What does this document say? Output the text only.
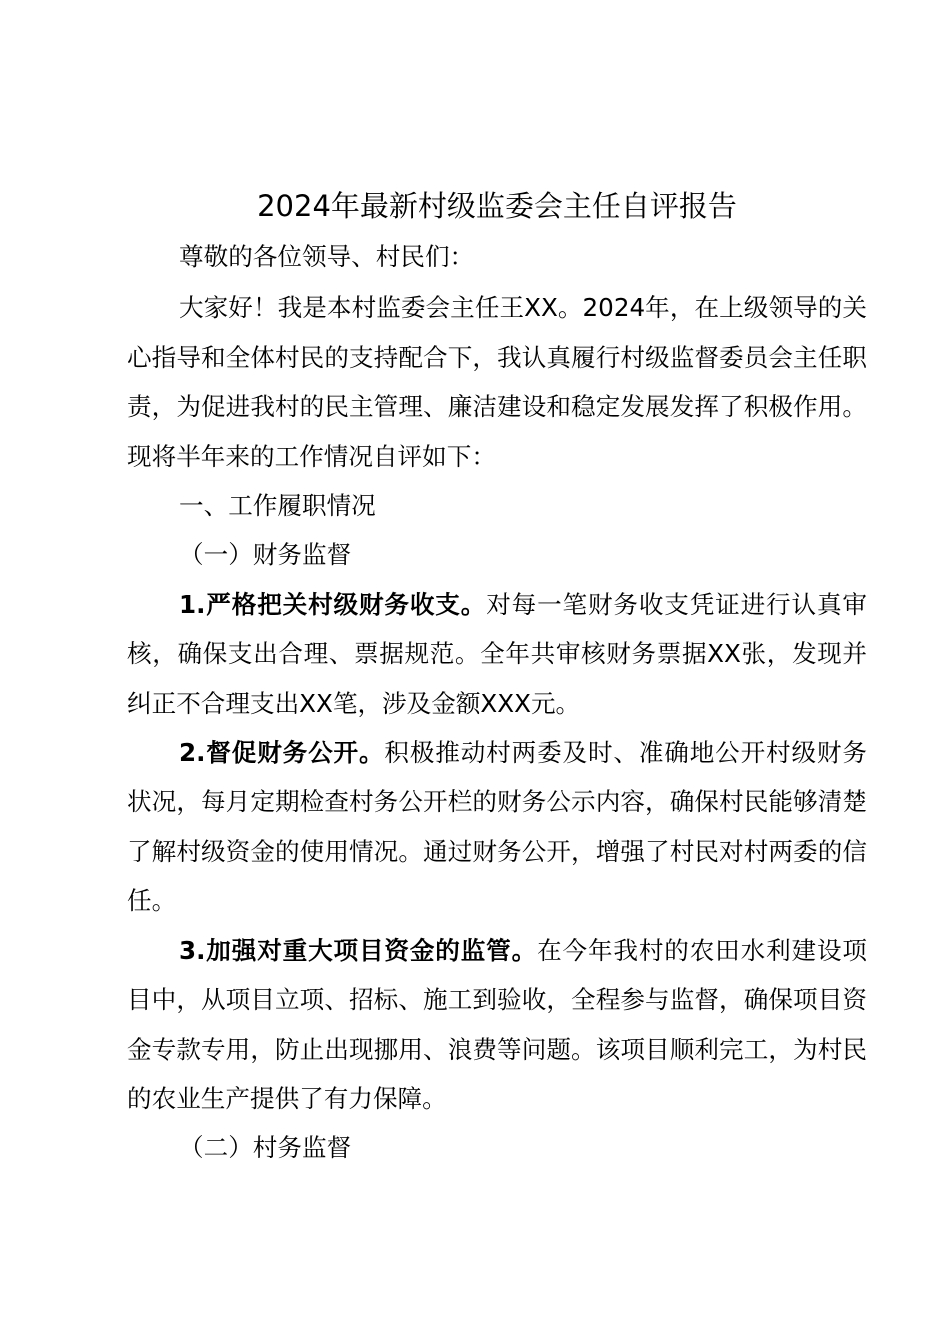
2024年最新村级监委会主任自评报告

尊敬的各位领导、村民们：

大家好！我是本村监委会主任王XX。2024年，在上级领导的关心指导和全体村民的支持配合下，我认真履行村级监督委员会主任职责，为促进我村的民主管理、廉洁建设和稳定发展发挥了积极作用。现将半年来的工作情况自评如下：

一、工作履职情况

（一）财务监督

1.严格把关村级财务收支。对每一笔财务收支凭证进行认真审核，确保支出合理、票据规范。全年共审核财务票据XX张，发现并纠正不合理支出XX笔，涉及金额XXX元。

2.督促财务公开。积极推动村两委及时、准确地公开村级财务状况，每月定期检查村务公开栏的财务公示内容，确保村民能够清楚了解村级资金的使用情况。通过财务公开，增强了村民对村两委的信任。

3.加强对重大项目资金的监管。在今年我村的农田水利建设项目中，从项目立项、招标、施工到验收，全程参与监督，确保项目资金专款专用，防止出现挪用、浪费等问题。该项目顺利完工，为村民的农业生产提供了有力保障。

（二）村务监督
